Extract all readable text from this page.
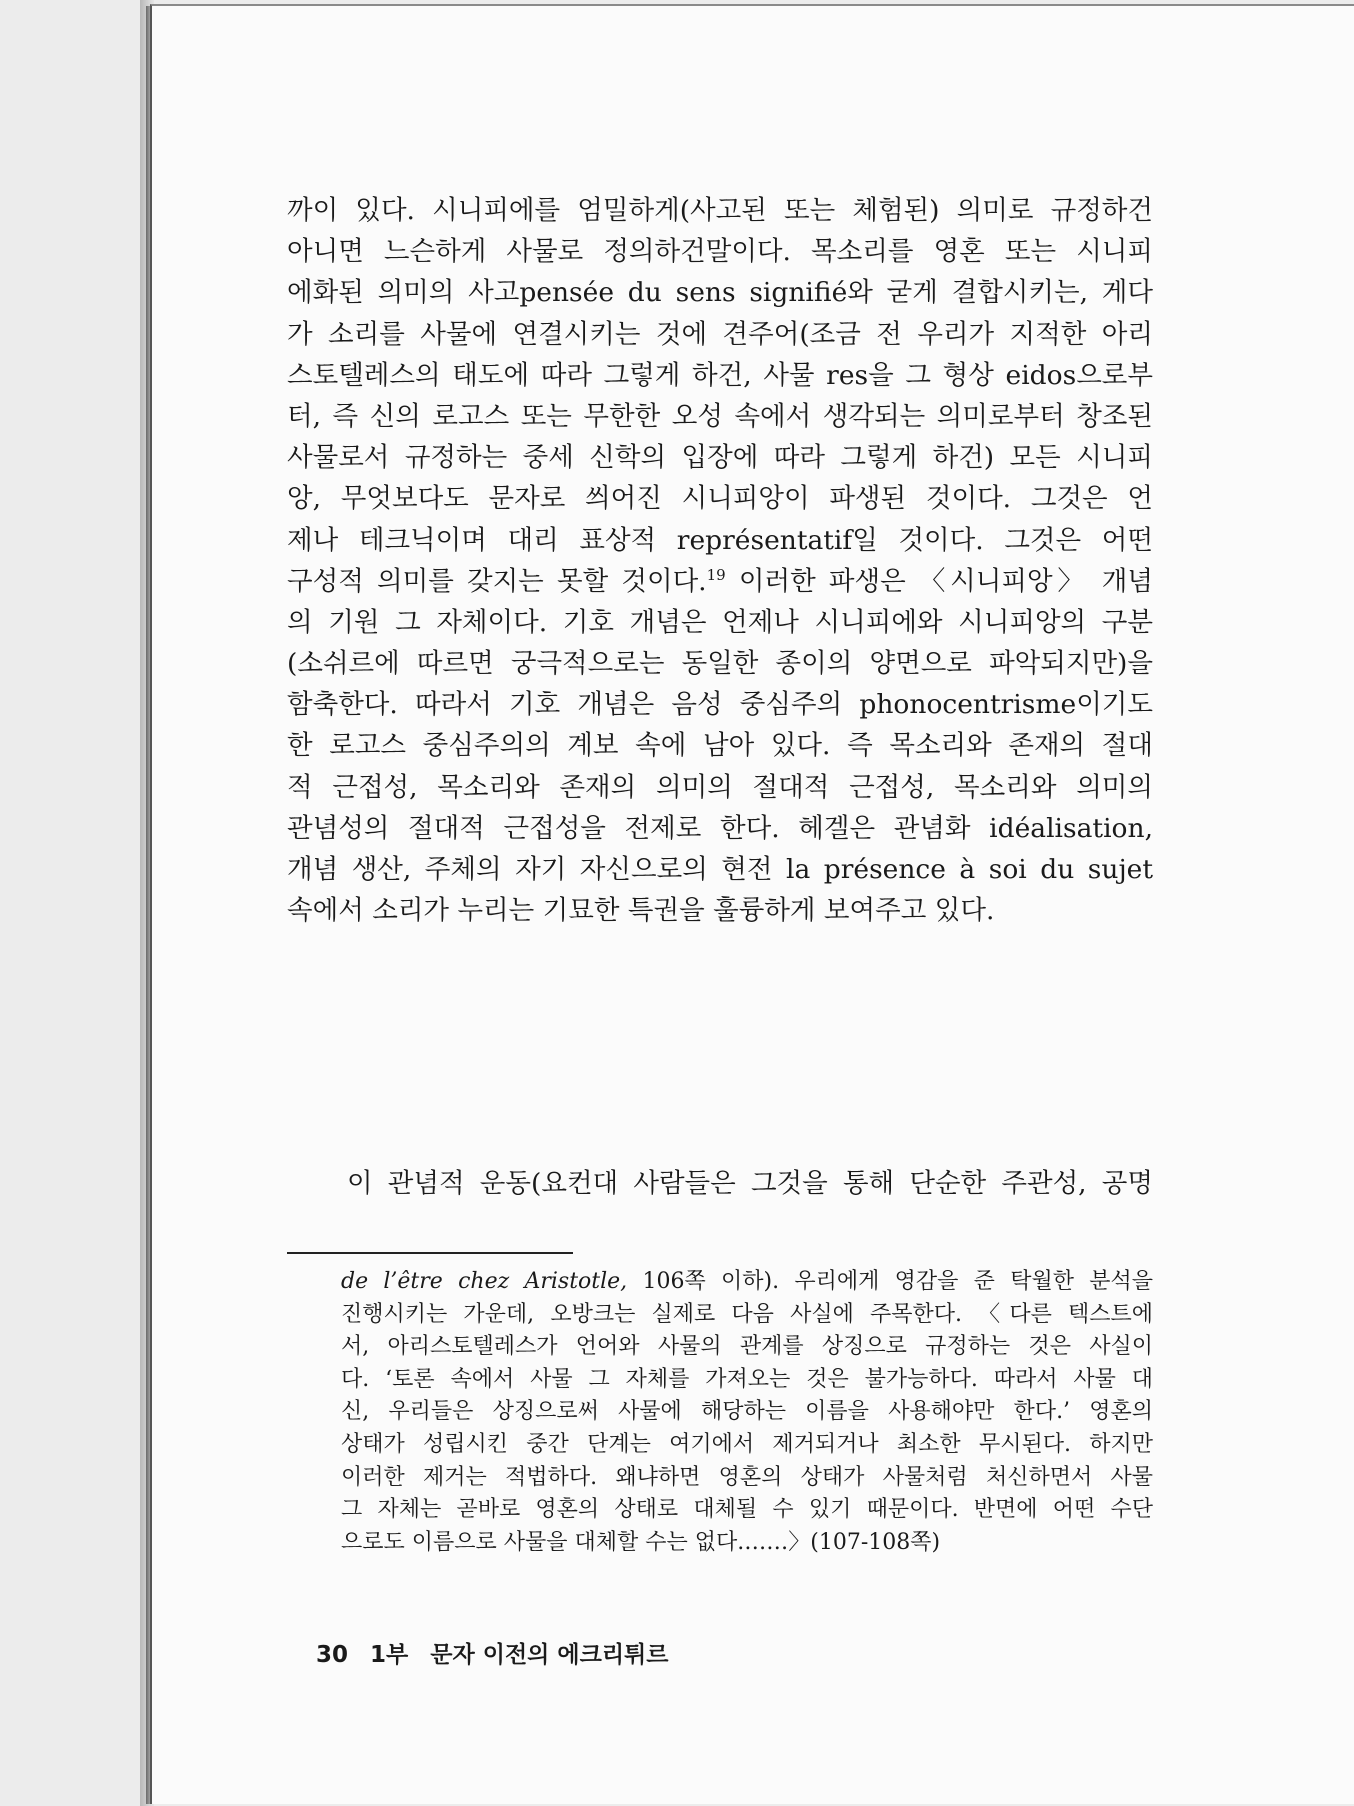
까이 있다. 시니피에를 엄밀하게(사고된 또는 체험된) 의미로 규정하건
아니면 느슨하게 사물로 정의하건말이다. 목소리를 영혼 또는 시니피
에화된 의미의 사고pensée du sens signifié와 굳게 결합시키는, 게다
가 소리를 사물에 연결시키는 것에 견주어(조금 전 우리가 지적한 아리
스토텔레스의 태도에 따라 그렇게 하건, 사물 res을 그 형상 eidos으로부
터, 즉 신의 로고스 또는 무한한 오성 속에서 생각되는 의미로부터 창조된
사물로서 규정하는 중세 신학의 입장에 따라 그렇게 하건) 모든 시니피
앙, 무엇보다도 문자로 씌어진 시니피앙이 파생된 것이다. 그것은 언
제나 테크닉이며 대리 표상적 représentatif일 것이다. 그것은 어떤
구성적 의미를 갖지는 못할 것이다.$^{19}$ 이러한 파생은 〈시니피앙〉 개념
의 기원 그 자체이다. 기호 개념은 언제나 시니피에와 시니피앙의 구분
(소쉬르에 따르면 궁극적으로는 동일한 종이의 양면으로 파악되지만)을
함축한다. 따라서 기호 개념은 음성 중심주의 phonocentrisme이기도
한 로고스 중심주의의 계보 속에 남아 있다. 즉 목소리와 존재의 절대
적 근접성, 목소리와 존재의 의미의 절대적 근접성, 목소리와 의미의
관념성의 절대적 근접성을 전제로 한다. 헤겔은 관념화 idéalisation,
개념 생산, 주체의 자기 자신으로의 현전 la présence à soi du sujet
속에서 소리가 누리는 기묘한 특권을 훌륭하게 보여주고 있다.
이 관념적 운동(요컨대 사람들은 그것을 통해 단순한 주관성, 공명
de l’être chez Aristotle, 106쪽 이하). 우리에게 영감을 준 탁월한 분석을
진행시키는 가운데, 오방크는 실제로 다음 사실에 주목한다. 〈다른 텍스트에
서, 아리스토텔레스가 언어와 사물의 관계를 상징으로 규정하는 것은 사실이
다. ‘토론 속에서 사물 그 자체를 가져오는 것은 불가능하다. 따라서 사물 대
신, 우리들은 상징으로써 사물에 해당하는 이름을 사용해야만 한다.’ 영혼의
상태가 성립시킨 중간 단계는 여기에서 제거되거나 최소한 무시된다. 하지만
이러한 제거는 적법하다. 왜냐하면 영혼의 상태가 사물처럼 처신하면서 사물
그 자체는 곧바로 영혼의 상태로 대체될 수 있기 때문이다. 반면에 어떤 수단
으로도 이름으로 사물을 대체할 수는 없다.……〉(107-108쪽)
30 1부 문자 이전의 에크리튀르
